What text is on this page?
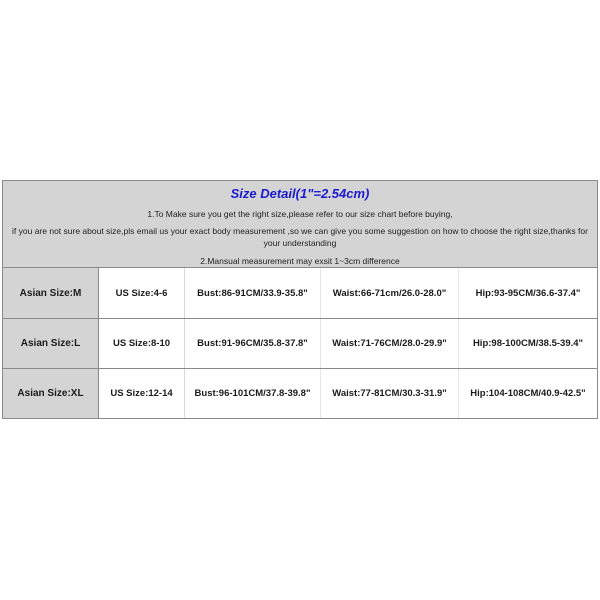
Size Detail(1"=2.54cm)
1.To Make sure you get the right size,please refer to our size chart before buying,
if you are not sure about size,pls email us your exact body measurement ,so we can give you some suggestion on how to choose the right size,thanks for your understanding
2.Mansual measurement may exsit 1~3cm difference
Asian Size:M	US Size:4-6	Bust:86-91CM/33.9-35.8"	Waist:66-71cm/26.0-28.0"	Hip:93-95CM/36.6-37.4"
Asian Size:L	US Size:8-10	Bust:91-96CM/35.8-37.8"	Waist:71-76CM/28.0-29.9"	Hip:98-100CM/38.5-39.4"
Asian Size:XL	US Size:12-14	Bust:96-101CM/37.8-39.8"	Waist:77-81CM/30.3-31.9"	Hip:104-108CM/40.9-42.5"
